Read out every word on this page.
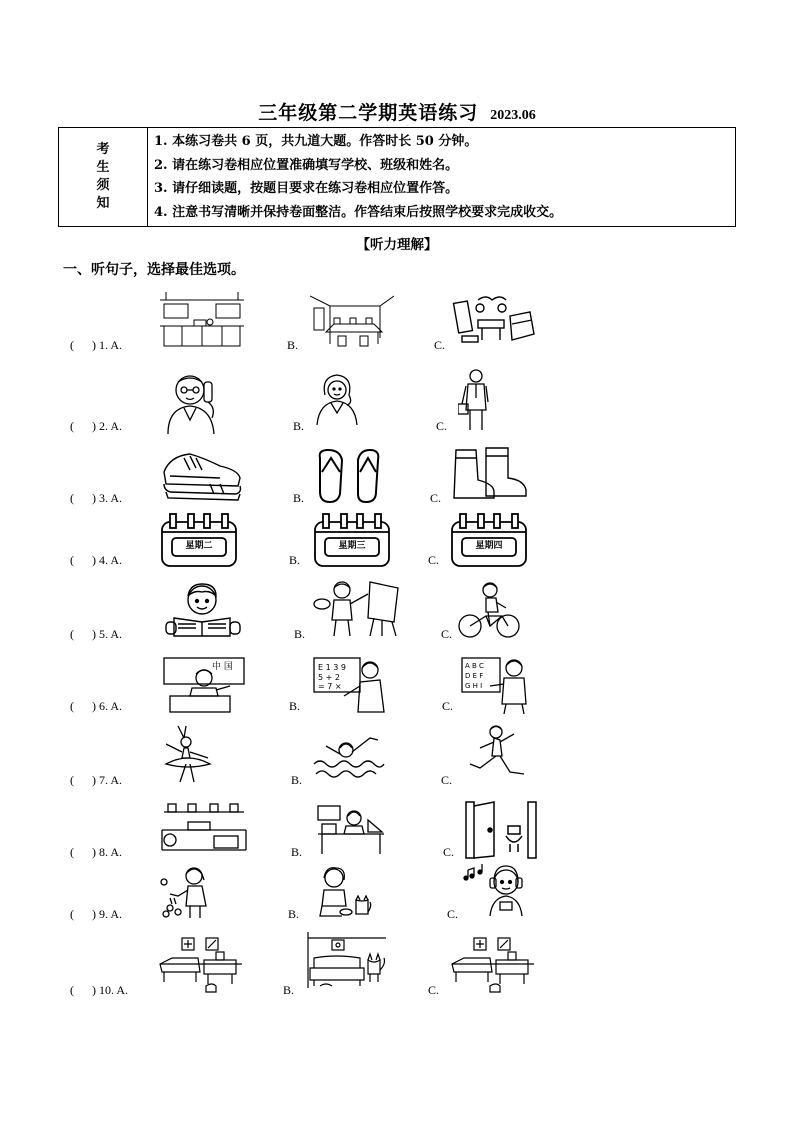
三年级第二学期英语练习 2023.06
考
生
须
知

1. 本练习卷共 6 页，共九道大题。作答时长 50 分钟。
2. 请在练习卷相应位置准确填写学校、班级和姓名。
3. 请仔细读题，按题目要求在练习卷相应位置作答。
4. 注意书写清晰并保持卷面整洁。作答结束后按照学校要求完成收交。
【听力理解】
一、听句子，选择最佳选项。
(      ) 1. A.	B.	C.
(      ) 2. A.	B.	C.
(      ) 3. A.	B.	C.
(      ) 4. A.	B.	C.
星期二	星期三	星期四
(      ) 5. A.	B.	C.
(      ) 6. A.	B.	C.
中 国	E 1 3 9
5 + 2
= 7 ×
A B C
D E F
G H I
(      ) 7. A.	B.	C.
(      ) 8. A.	B.	C.
(      ) 9. A.	B.	C.
(      ) 10. A.	B.	C.
